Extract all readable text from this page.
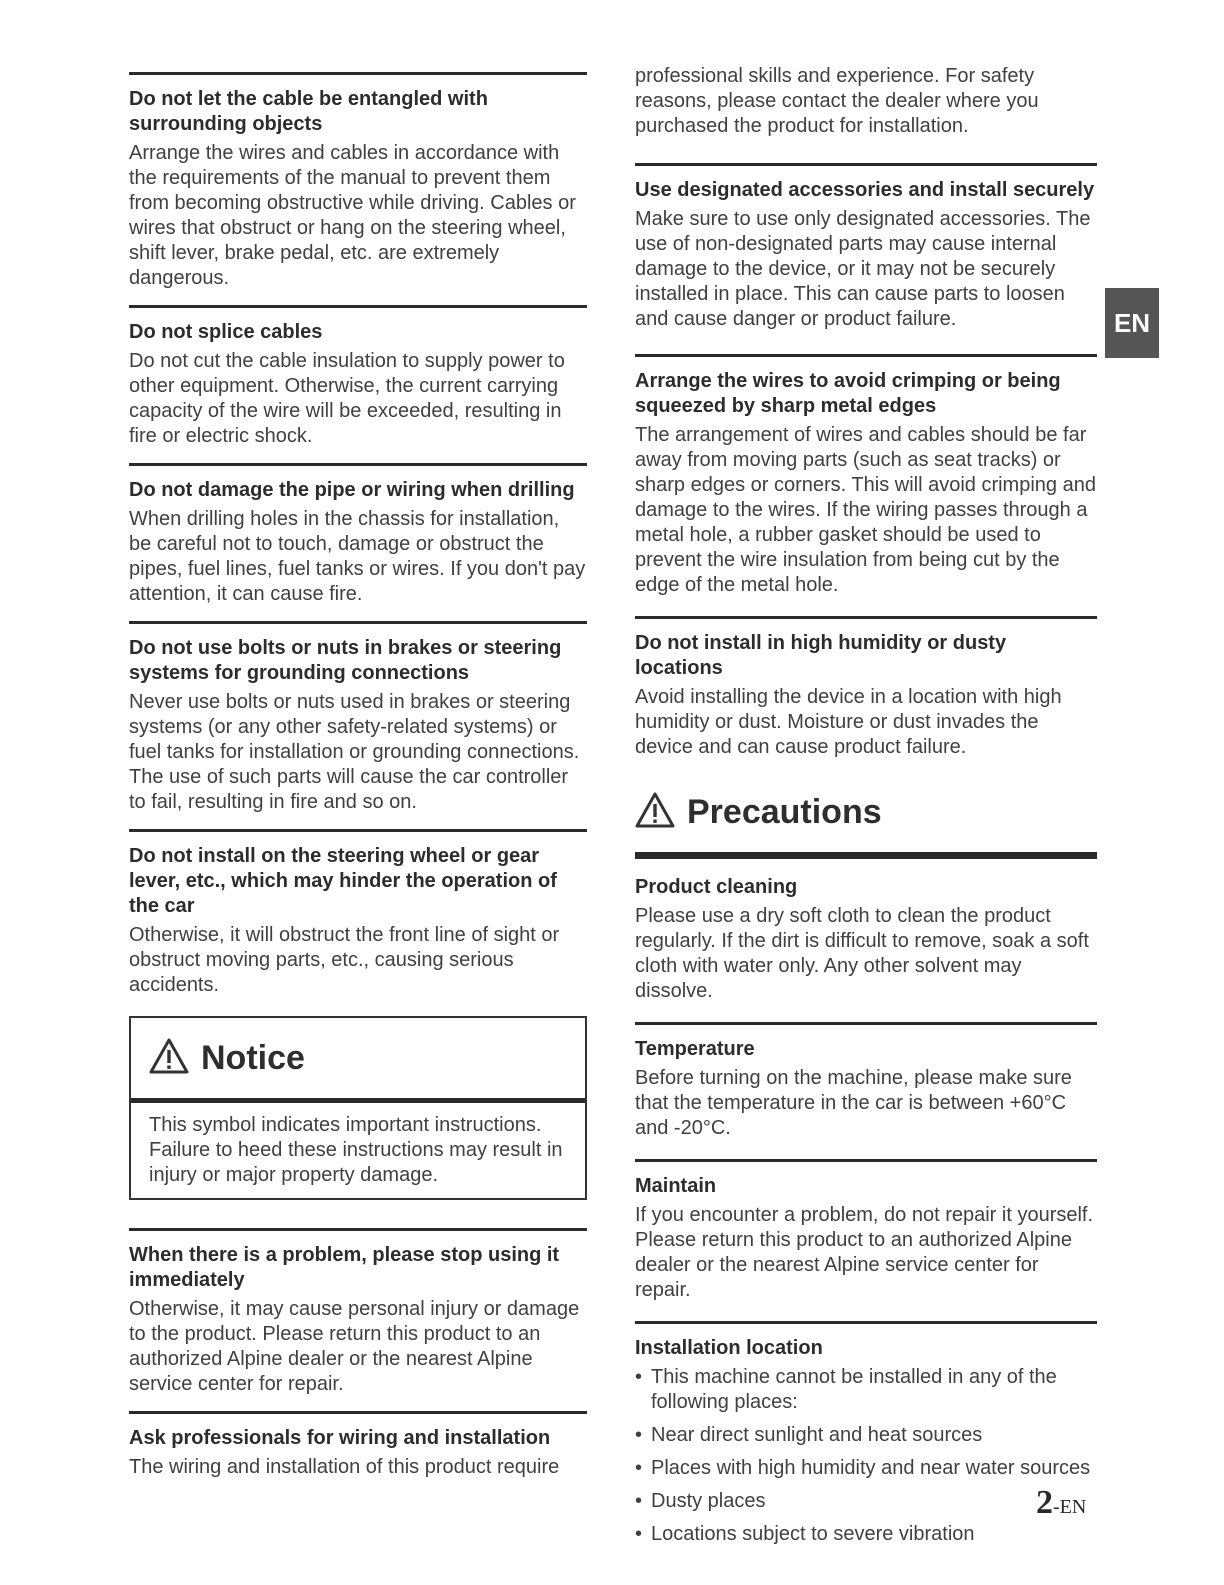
Do not let the cable be entangled with surrounding objects

Arrange the wires and cables in accordance with the requirements of the manual to prevent them from becoming obstructive while driving. Cables or wires that obstruct or hang on the steering wheel, shift lever, brake pedal, etc. are extremely dangerous.

Do not splice cables

Do not cut the cable insulation to supply power to other equipment. Otherwise, the current carrying capacity of the wire will be exceeded, resulting in fire or electric shock.

Do not damage the pipe or wiring when drilling

When drilling holes in the chassis for installation, be careful not to touch, damage or obstruct the pipes, fuel lines, fuel tanks or wires. If you don't pay attention, it can cause fire.

Do not use bolts or nuts in brakes or steering systems for grounding connections

Never use bolts or nuts used in brakes or steering systems (or any other safety-related systems) or fuel tanks for installation or grounding connections. The use of such parts will cause the car controller to fail, resulting in fire and so on.

Do not install on the steering wheel or gear lever, etc., which may hinder the operation of the car

Otherwise, it will obstruct the front line of sight or obstruct moving parts, etc., causing serious accidents.

Notice

This symbol indicates important instructions. Failure to heed these instructions may result in injury or major property damage.

When there is a problem, please stop using it immediately

Otherwise, it may cause personal injury or damage to the product. Please return this product to an authorized Alpine dealer or the nearest Alpine service center for repair.

Ask professionals for wiring and installation

The wiring and installation of this product require

professional skills and experience. For safety reasons, please contact the dealer where you purchased the product for installation.

Use designated accessories and install securely

Make sure to use only designated accessories. The use of non-designated parts may cause internal damage to the device, or it may not be securely installed in place. This can cause parts to loosen and cause danger or product failure.

Arrange the wires to avoid crimping or being squeezed by sharp metal edges

The arrangement of wires and cables should be far away from moving parts (such as seat tracks) or sharp edges or corners. This will avoid crimping and damage to the wires. If the wiring passes through a metal hole, a rubber gasket should be used to prevent the wire insulation from being cut by the edge of the metal hole.

Do not install in high humidity or dusty locations

Avoid installing the device in a location with high humidity or dust. Moisture or dust invades the device and can cause product failure.

Precautions
Product cleaning

Please use a dry soft cloth to clean the product regularly. If the dirt is difficult to remove, soak a soft cloth with water only. Any other solvent may dissolve.

Temperature

Before turning on the machine, please make sure that the temperature in the car is between +60°C and -20°C.

Maintain

If you encounter a problem, do not repair it yourself. Please return this product to an authorized Alpine dealer or the nearest Alpine service center for repair.

Installation location
• This machine cannot be installed in any of the following places:
• Near direct sunlight and heat sources
• Places with high humidity and near water sources
• Dusty places
• Locations subject to severe vibration
EN
2-EN
